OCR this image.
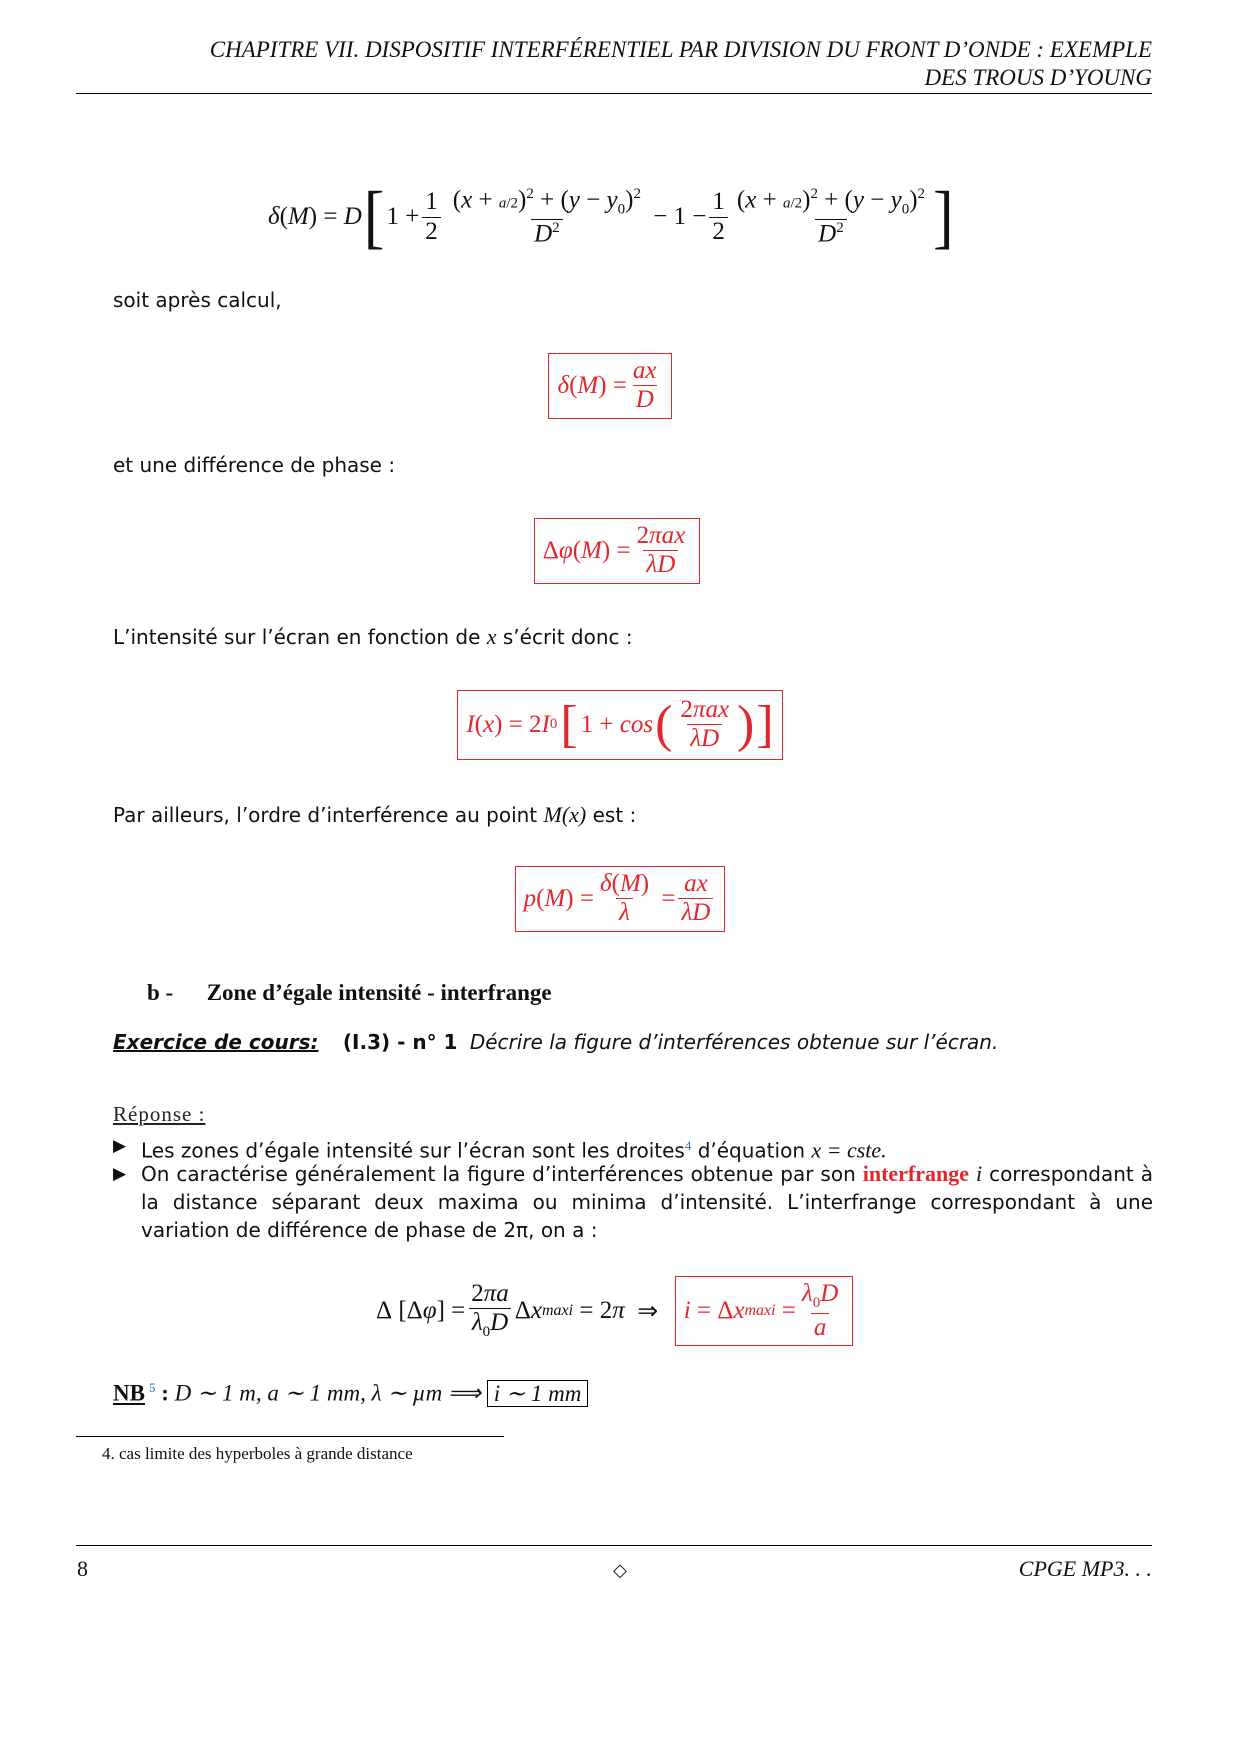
CHAPITRE VII. DISPOSITIF INTERFÉRENTIEL PAR DIVISION DU FRONT D’ONDE : EXEMPLE
DES TROUS D’YOUNG
δ ( M ) = D [ $1 + \frac{1}{2} \frac{(x + a/2)^2 + (y - y_0)^2}{D^2} - 1 - \frac{1}{2} \frac{(x + a/2)^2 + (y - y_0)^2}{D^2}$ ]
soit après calcul,
δ ( M ) = $\frac{ax}{D}$
et une différence de phase :
Δ φ ( M ) = $\frac{\text{2πax}}{\lambda D}$
L’intensité sur l’écran en fonction de x s’écrit donc :
I ( x ) = 2 I 0 [ 1 + cos ( $\frac{\text{2πax}}{\lambda D}$ ) ]
Par ailleurs, l’ordre d’interférence au point M(x) est :
p ( M ) = $\frac{\delta(M)}{\lambda} = \frac{ax}{\lambda D}$
b - Zone d’égale intensité - interfrange
Exercice de cours: (I.3) - n° 1 Décrire la figure d’interférences obtenue sur l’écran.
Réponse :
▶ Les zones d’égale intensité sur l’écran sont les droites$^4$ d’équation x = cste.
▶ On caractérise généralement la figure d’interférences obtenue par son interfrange i correspondant à la distance séparant deux maxima ou minima d’intensité. L’interfrange correspondant à une variation de différence de phase de 2π, on a :
Δ [Δ φ ] = $\frac{2\pi a}{\lambda_0D}$ Δ x maxi = 2 π ⇒ i = Δ x $\max i = \frac{\lambda_0D}{a}$
NB $^5$ : D ∼ 1 m, a ∼ 1 mm, λ ∼ µm ⟹ i ∼ 1 mm
4. cas limite des hyperboles à grande distance
8	◇	CPGE MP3. . .
